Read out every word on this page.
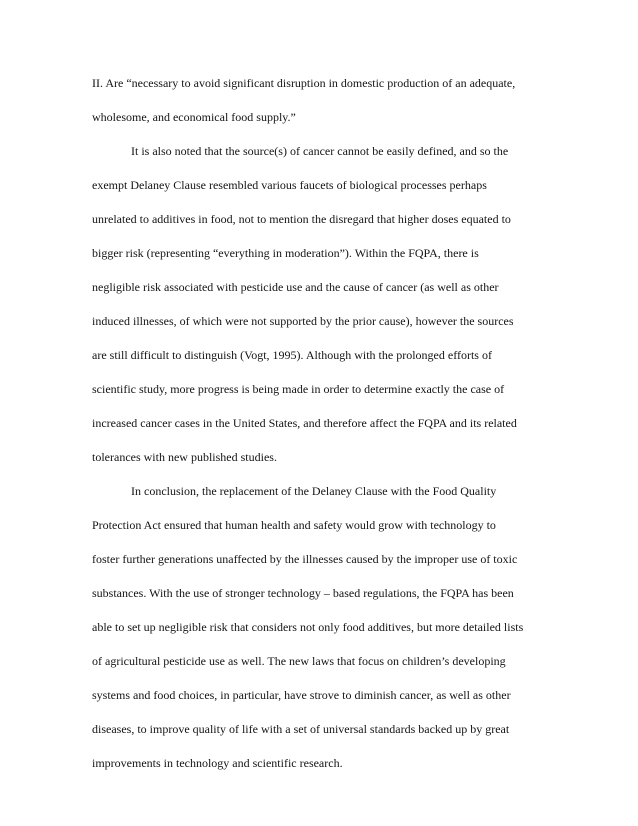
II. Are “necessary to avoid significant disruption in domestic production of an adequate,

wholesome, and economical food supply.”

It is also noted that the source(s) of cancer cannot be easily defined, and so the

exempt Delaney Clause resembled various faucets of biological processes perhaps

unrelated to additives in food, not to mention the disregard that higher doses equated to

bigger risk (representing “everything in moderation”). Within the FQPA, there is

negligible risk associated with pesticide use and the cause of cancer (as well as other

induced illnesses, of which were not supported by the prior cause), however the sources

are still difficult to distinguish (Vogt, 1995). Although with the prolonged efforts of

scientific study, more progress is being made in order to determine exactly the case of

increased cancer cases in the United States, and therefore affect the FQPA and its related

tolerances with new published studies.

In conclusion, the replacement of the Delaney Clause with the Food Quality

Protection Act ensured that human health and safety would grow with technology to

foster further generations unaffected by the illnesses caused by the improper use of toxic

substances. With the use of stronger technology – based regulations, the FQPA has been

able to set up negligible risk that considers not only food additives, but more detailed lists

of agricultural pesticide use as well. The new laws that focus on children’s developing

systems and food choices, in particular, have strove to diminish cancer, as well as other

diseases, to improve quality of life with a set of universal standards backed up by great

improvements in technology and scientific research.
